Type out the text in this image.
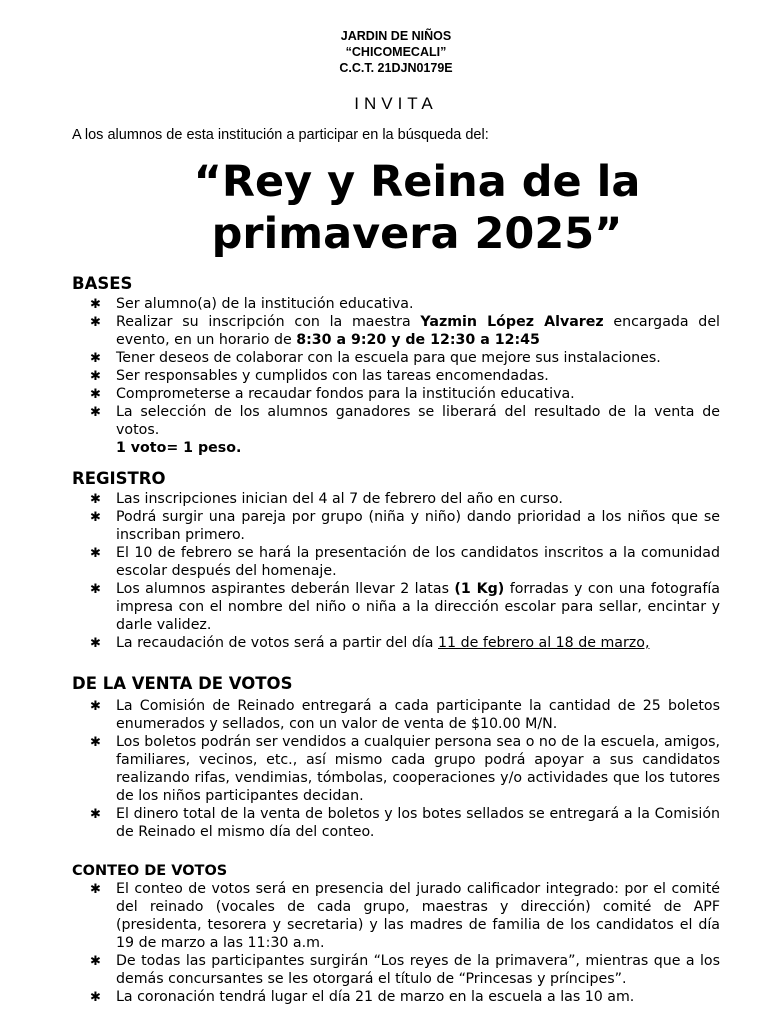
JARDIN DE NIÑOS
“CHICOMECALI”
C.C.T. 21DJN0179E
INVITA
A los alumnos de esta institución a participar en la búsqueda del:
“Rey y Reina de la
primavera 2025”
BASES
✱ Ser alumno(a) de la institución educativa.
✱ Realizar su inscripción con la maestra Yazmin López Alvarez encargada del evento, en un horario de 8:30 a 9:20 y de 12:30 a 12:45
✱ Tener deseos de colaborar con la escuela para que mejore sus instalaciones.
✱ Ser responsables y cumplidos con las tareas encomendadas.
✱ Comprometerse a recaudar fondos para la institución educativa.
✱ La selección de los alumnos ganadores se liberará del resultado de la venta de votos.
1 voto= 1 peso.
REGISTRO
✱ Las inscripciones inician del 4 al 7 de febrero del año en curso.
✱ Podrá surgir una pareja por grupo (niña y niño) dando prioridad a los niños que se inscriban primero.
✱ El 10 de febrero se hará la presentación de los candidatos inscritos a la comunidad escolar después del homenaje.
✱ Los alumnos aspirantes deberán llevar 2 latas (1 Kg) forradas y con una fotografía impresa con el nombre del niño o niña a la dirección escolar para sellar, encintar y darle validez.
✱ La recaudación de votos será a partir del día 11 de febrero al 18 de marzo,
DE LA VENTA DE VOTOS
✱ La Comisión de Reinado entregará a cada participante la cantidad de 25 boletos enumerados y sellados, con un valor de venta de $10.00 M/N.
✱ Los boletos podrán ser vendidos a cualquier persona sea o no de la escuela, amigos, familiares, vecinos, etc., así mismo cada grupo podrá apoyar a sus candidatos realizando rifas, vendimias, tómbolas, cooperaciones y/o actividades que los tutores de los niños participantes decidan.
✱ El dinero total de la venta de boletos y los botes sellados se entregará a la Comisión de Reinado el mismo día del conteo.
CONTEO DE VOTOS
✱ El conteo de votos será en presencia del jurado calificador integrado: por el comité del reinado (vocales de cada grupo, maestras y dirección) comité de APF (presidenta, tesorera y secretaria) y las madres de familia de los candidatos el día 19 de marzo a las 11:30 a.m.
✱ De todas las participantes surgirán “Los reyes de la primavera”, mientras que a los demás concursantes se les otorgará el título de “Princesas y príncipes”.
✱ La coronación tendrá lugar el día 21 de marzo en la escuela a las 10 am.
